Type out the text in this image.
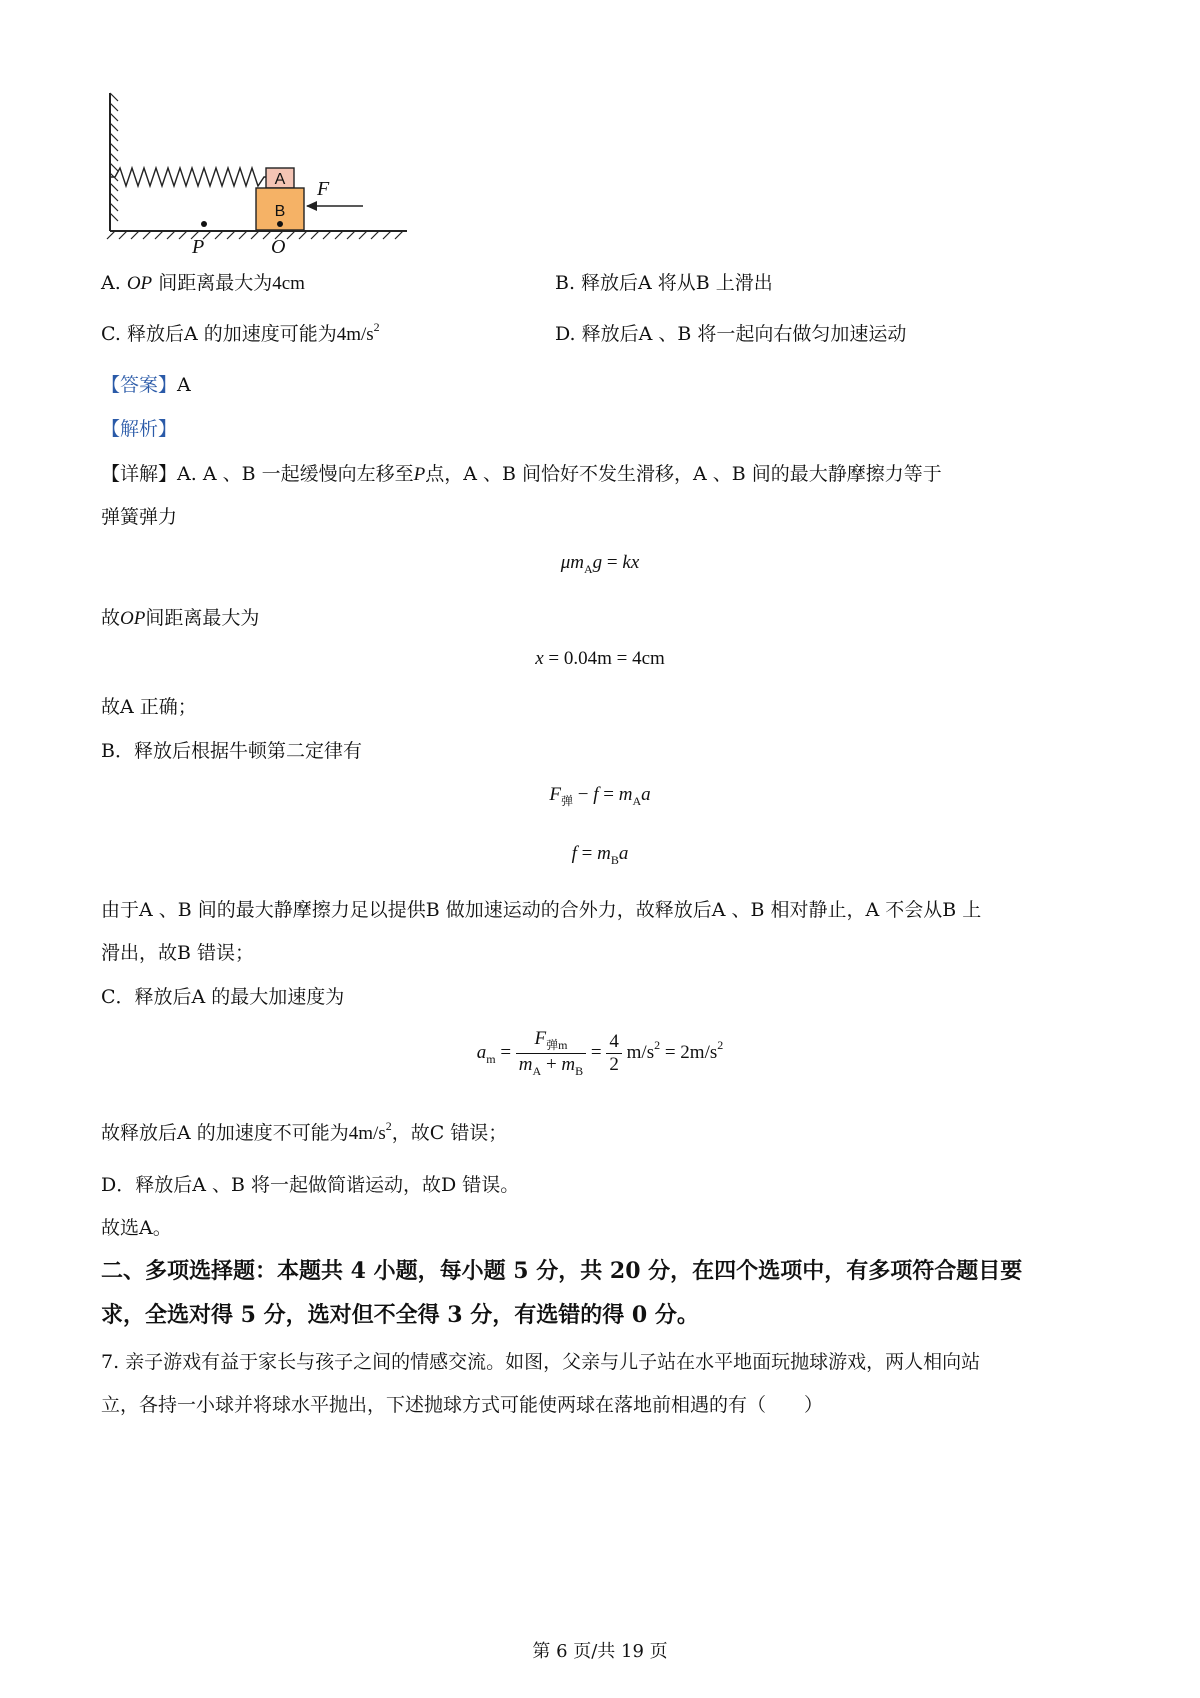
A
B
F
P	O
A. OP 间距离最大为4cm	B. 释放后A 将从B 上滑出
C. 释放后A 的加速度可能为$4m/s^2$	D. 释放后A 、B 将一起向右做匀加速运动
【答案】A
【解析】
【详解】A. A 、B 一起缓慢向左移至P点，A 、B 间恰好不发生滑移，A 、B 间的最大静摩擦力等于
弹簧弹力
$\mu m_Ag$ = kx
故OP间距离最大为
x = 0.04m = 4cm
故A 正确；
B．释放后根据牛顿第二定律有
$F_弹 - f = m_Aa$
$f = m_Ba$
由于A 、B 间的最大静摩擦力足以提供B 做加速运动的合外力，故释放后A 、B 相对静止，A 不会从B 上
滑出，故B 错误；
C．释放后A 的最大加速度为
$a_m = \frac{F_{弹m}}{m_A + m_B} = \frac{4}{2} m/s^2 = 2m/s^2$
故释放后A 的加速度不可能为$4m/s^2$，故C 错误；
D．释放后A 、B 将一起做简谐运动，故D 错误。
故选A。
二、多项选择题：本题共 4 小题，每小题 5 分，共 20 分，在四个选项中，有多项符合题目要
求，全选对得 5 分，选对但不全得 3 分，有选错的得 0 分。
7. 亲子游戏有益于家长与孩子之间的情感交流。如图，父亲与儿子站在水平地面玩抛球游戏，两人相向站
立，各持一小球并将球水平抛出，下述抛球方式可能使两球在落地前相遇的有（　　）
第 6 页/共 19 页
